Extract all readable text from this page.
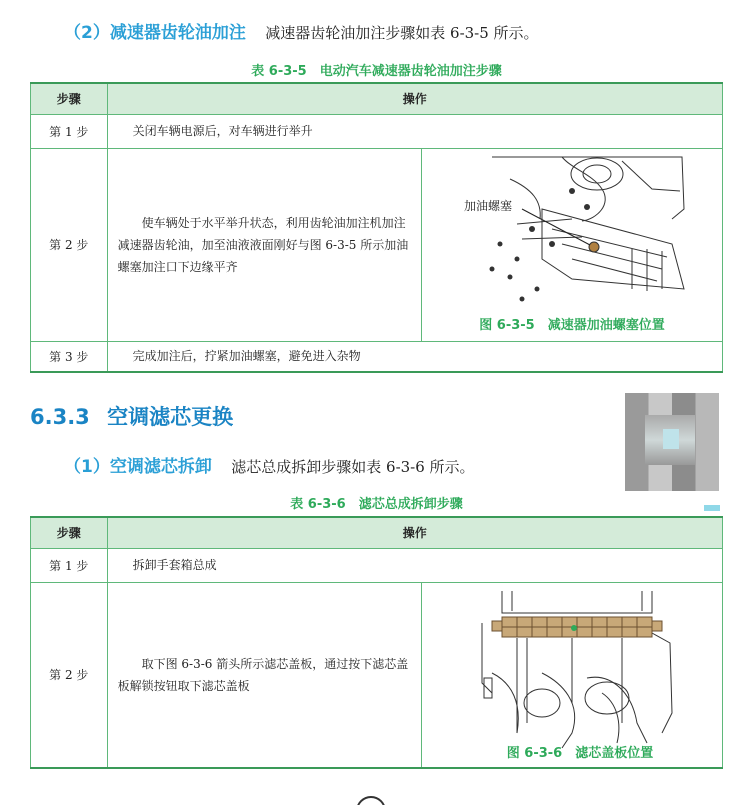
（2）减速器齿轮油加注 减速器齿轮油加注步骤如表 6-3-5 所示。
表 6-3-5　电动汽车减速器齿轮油加注步骤
步骤	操作	
第 1 步	关闭车辆电源后，对车辆进行举升	
第 2 步	使车辆处于水平举升状态，利用齿轮油加注机加注减速器齿轮油，加至油液液面刚好与图 6-3-5 所示加油螺塞加注口下边缘平齐	加油螺塞
图 6-3-5　减速器加油螺塞位置

第 3 步	完成加注后，拧紧加油螺塞，避免进入杂物	
6.3.3 空调滤芯更换
（1）空调滤芯拆卸 滤芯总成拆卸步骤如表 6-3-6 所示。
表 6-3-6　滤芯总成拆卸步骤
步骤	操作	
第 1 步	拆卸手套箱总成	
第 2 步	取下图 6-3-6 箭头所示滤芯盖板，通过按下滤芯盖板解锁按钮取下滤芯盖板	图 6-3-6　滤芯盖板位置
